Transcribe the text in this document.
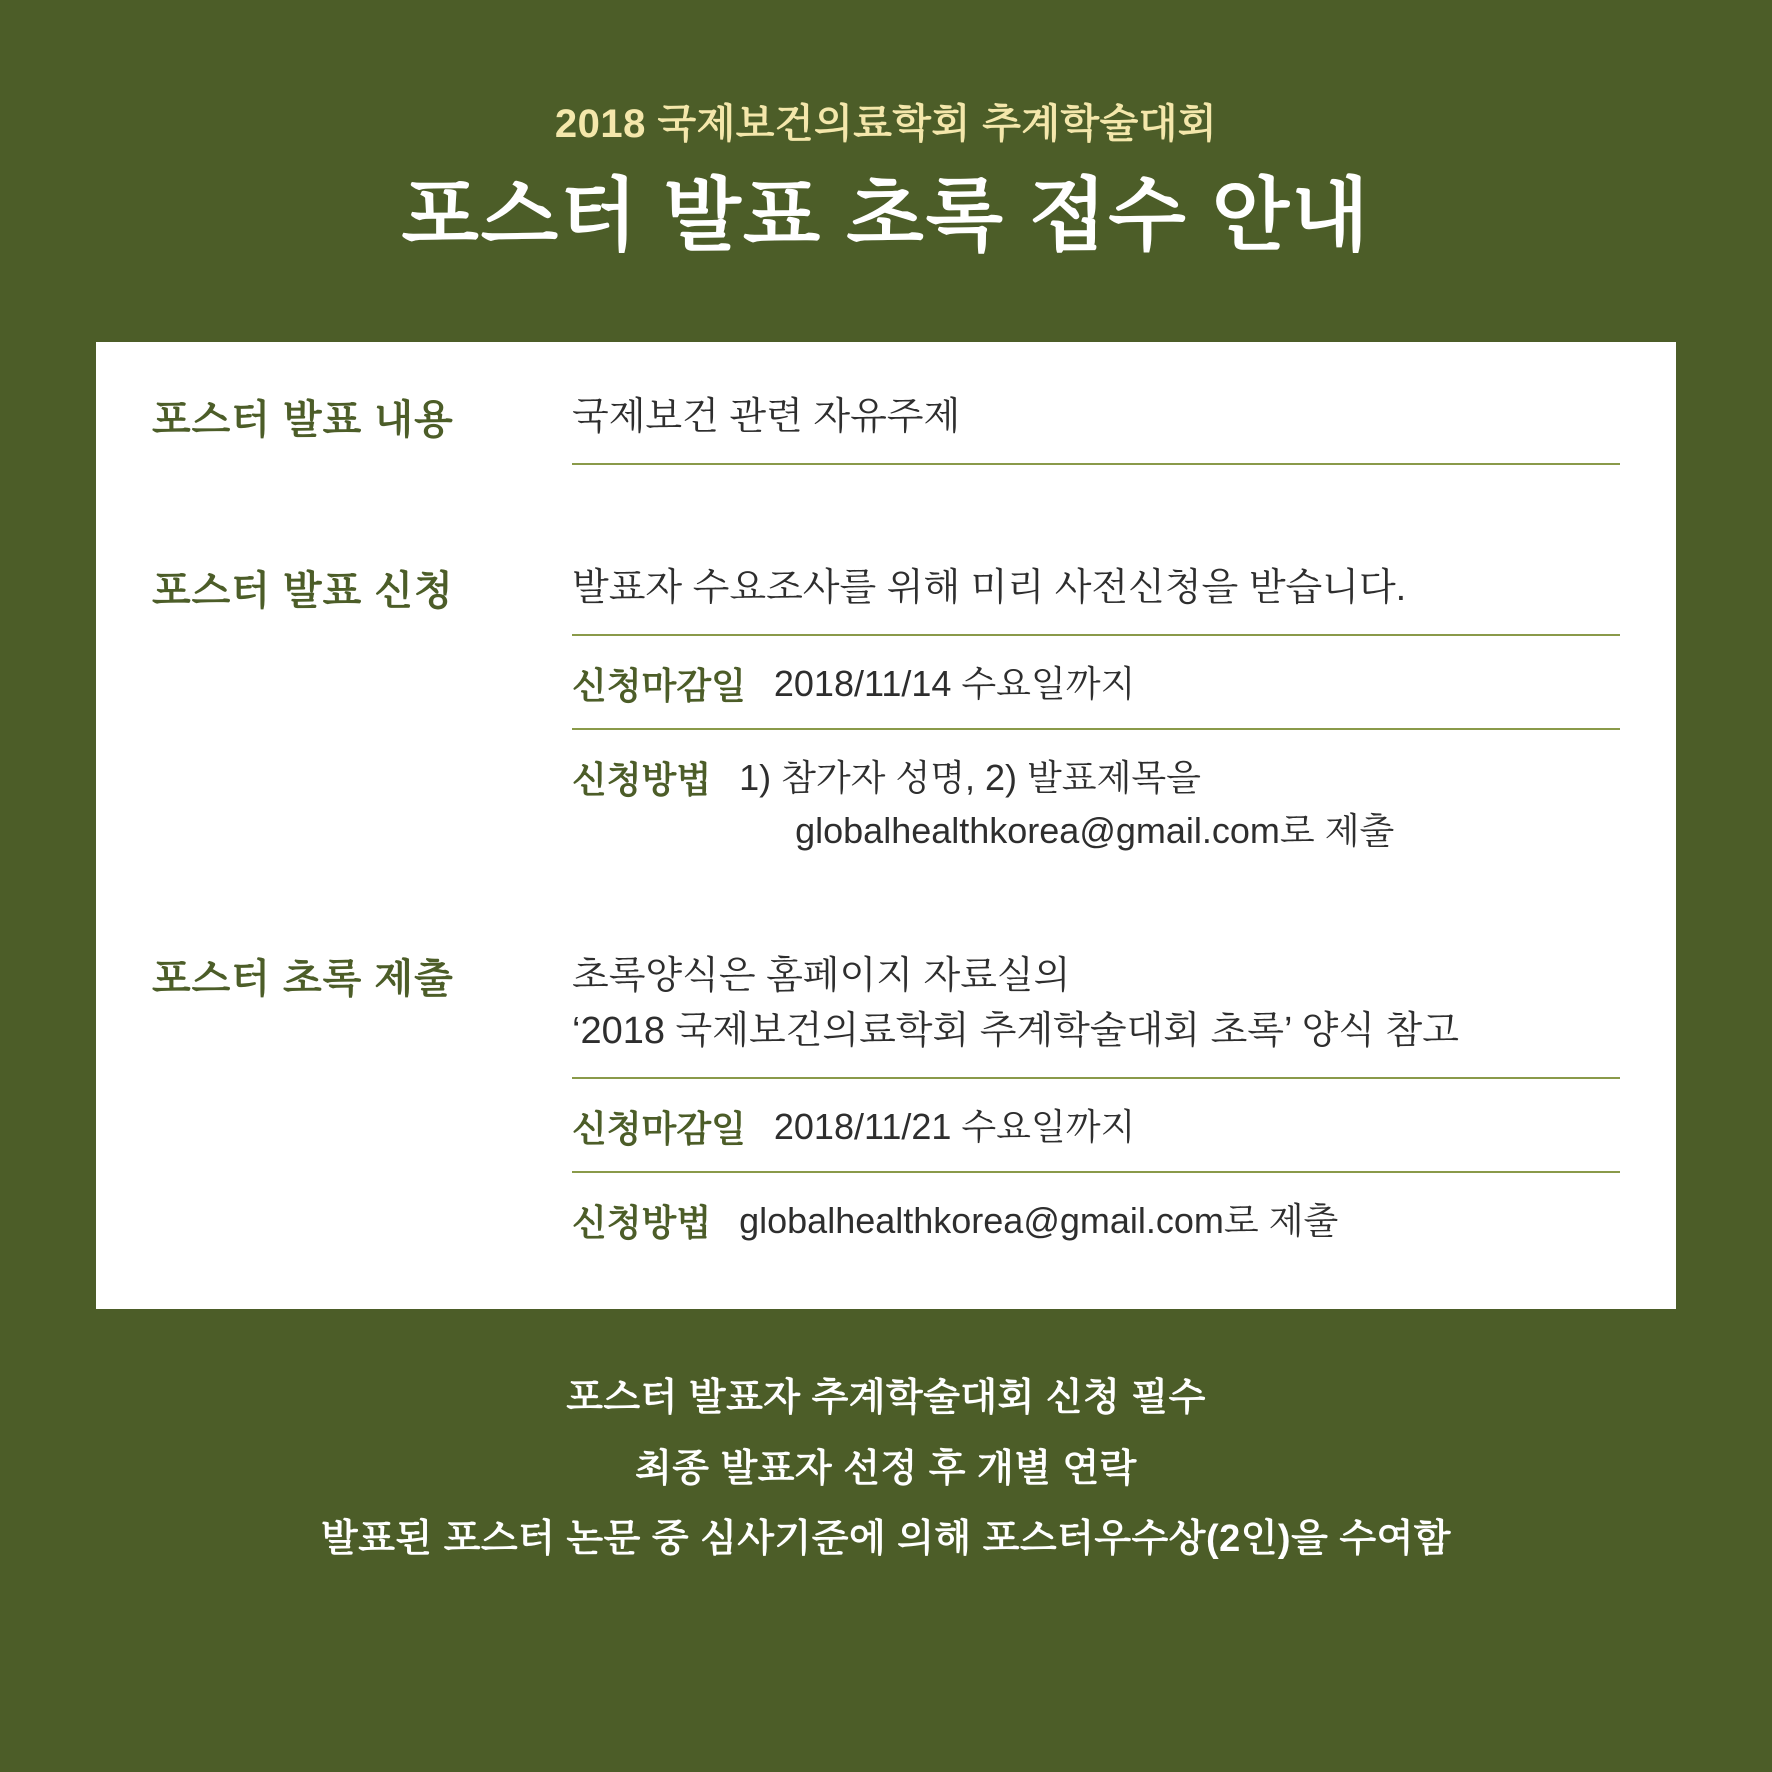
2018 국제보건의료학회 추계학술대회
포스터 발표 초록 접수 안내
포스터 발표 내용	국제보건 관련 자유주제
포스터 발표 신청	발표자 수요조사를 위해 미리 사전신청을 받습니다.
신청마감일 2018/11/14 수요일까지
신청방법 1) 참가자 성명, 2) 발표제목을
globalhealthkorea@gmail.com로 제출
포스터 초록 제출	초록양식은 홈페이지 자료실의
‘2018 국제보건의료학회 추계학술대회 초록’ 양식 참고
신청마감일 2018/11/21 수요일까지
신청방법 globalhealthkorea@gmail.com로 제출
포스터 발표자 추계학술대회 신청 필수
최종 발표자 선정 후 개별 연락
발표된 포스터 논문 중 심사기준에 의해 포스터우수상(2인)을 수여함
